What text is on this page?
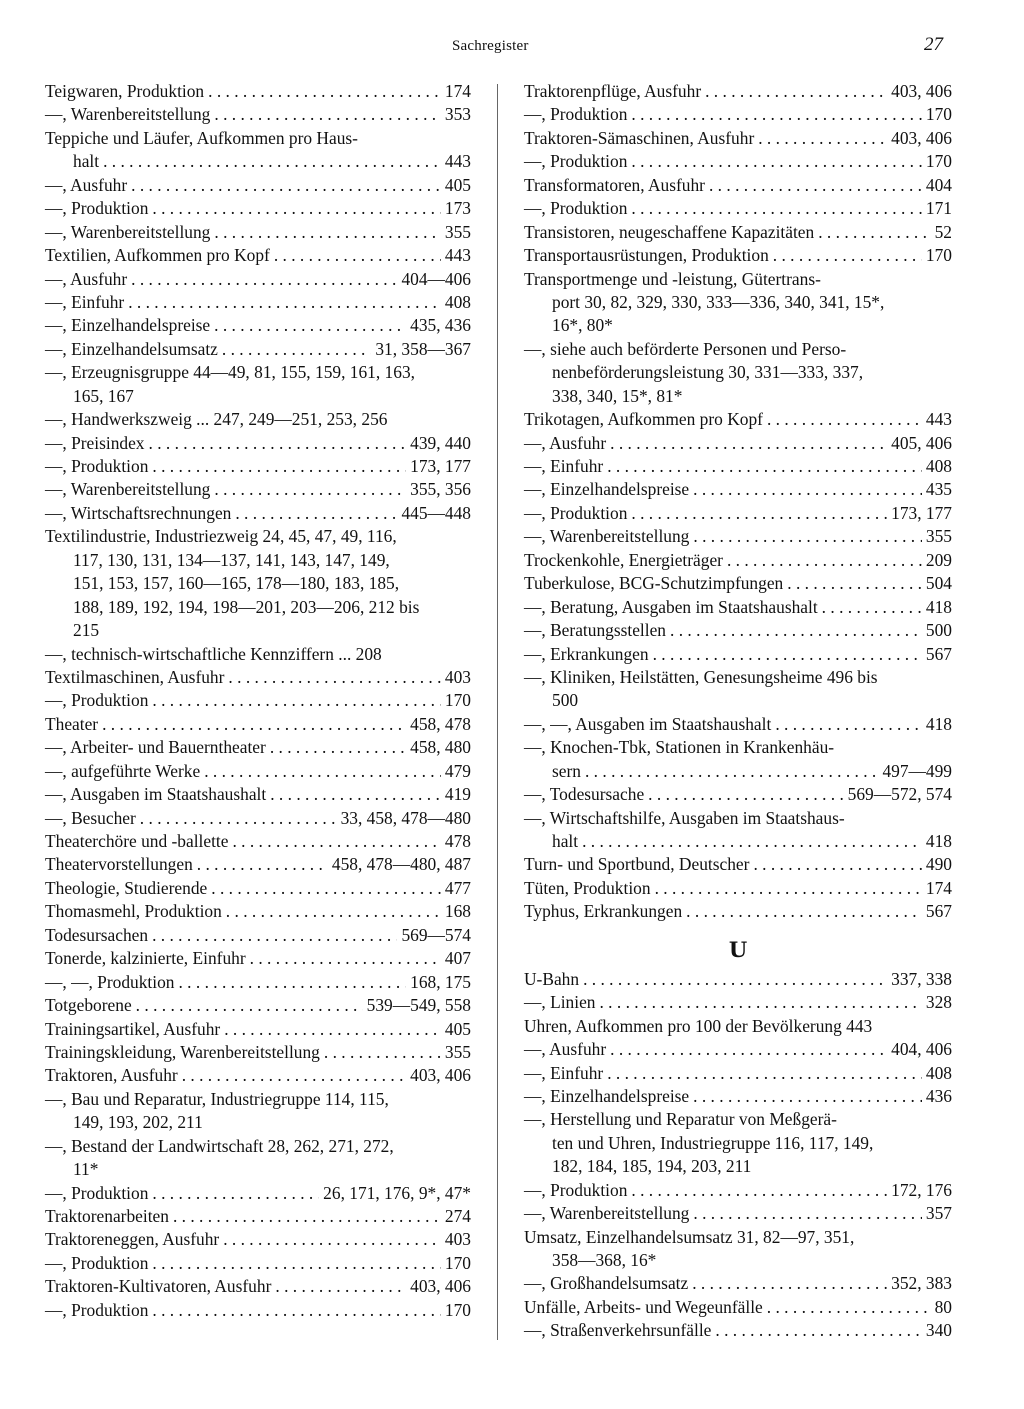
Sachregister	27
Teigwaren, Produktion . . .	174
—, Warenbereitstellung . . .	353
Teppiche und Läufer, Aufkommen pro Haus-
halt . . .	443
—, Ausfuhr . . .	405
—, Produktion . . .	173
—, Warenbereitstellung . . .	355
Textilien, Aufkommen pro Kopf . . .	443
—, Ausfuhr . . .	404—406
—, Einfuhr . . .	408
—, Einzelhandelspreise . . .	435, 436
—, Einzelhandelsumsatz . . .	31, 358—367
—, Erzeugnisgruppe 44—49, 81, 155, 159, 161, 163,
165, 167
—, Handwerkszweig ... 247, 249—251, 253, 256
—, Preisindex . . .	439, 440
—, Produktion . . .	173, 177
—, Warenbereitstellung . . .	355, 356
—, Wirtschaftsrechnungen . . .	445—448
Textilindustrie, Industriezweig 24, 45, 47, 49, 116,
117, 130, 131, 134—137, 141, 143, 147, 149,
151, 153, 157, 160—165, 178—180, 183, 185,
188, 189, 192, 194, 198—201, 203—206, 212 bis
215
—, technisch-wirtschaftliche Kennziffern ... 208
Textilmaschinen, Ausfuhr . . .	403
—, Produktion . . .	170
Theater . . .	458, 478
—, Arbeiter- und Bauerntheater . . .	458, 480
—, aufgeführte Werke . . .	479
—, Ausgaben im Staatshaushalt . . .	419
—, Besucher . . .	33, 458, 478—480
Theaterchöre und -ballette . . .	478
Theatervorstellungen . . .	458, 478—480, 487
Theologie, Studierende . . .	477
Thomasmehl, Produktion . . .	168
Todesursachen . . .	569—574
Tonerde, kalzinierte, Einfuhr . . .	407
—, —, Produktion . . .	168, 175
Totgeborene . . .	539—549, 558
Trainingsartikel, Ausfuhr . . .	405
Trainingskleidung, Warenbereitstellung . . .	355
Traktoren, Ausfuhr . . .	403, 406
—, Bau und Reparatur, Industriegruppe 114, 115,
149, 193, 202, 211
—, Bestand der Landwirtschaft 28, 262, 271, 272,
11*
—, Produktion . . .	26, 171, 176, 9*, 47*
Traktorenarbeiten . . .	274
Traktoreneggen, Ausfuhr . . .	403
—, Produktion . . .	170
Traktoren-Kultivatoren, Ausfuhr . . .	403, 406
—, Produktion . . .	170
Traktorenpflüge, Ausfuhr . . .	403, 406
—, Produktion . . .	170
Traktoren-Sämaschinen, Ausfuhr . . .	403, 406
—, Produktion . . .	170
Transformatoren, Ausfuhr . . .	404
—, Produktion . . .	171
Transistoren, neugeschaffene Kapazitäten . . .	52
Transportausrüstungen, Produktion . . .	170
Transportmenge und -leistung, Gütertrans-
port 30, 82, 329, 330, 333—336, 340, 341, 15*,
16*, 80*
—, siehe auch beförderte Personen und Perso-
nenbeförderungsleistung 30, 331—333, 337,
338, 340, 15*, 81*
Trikotagen, Aufkommen pro Kopf . . .	443
—, Ausfuhr . . .	405, 406
—, Einfuhr . . .	408
—, Einzelhandelspreise . . .	435
—, Produktion . . .	173, 177
—, Warenbereitstellung . . .	355
Trockenkohle, Energieträger . . .	209
Tuberkulose, BCG-Schutzimpfungen . . .	504
—, Beratung, Ausgaben im Staatshaushalt . . .	418
—, Beratungsstellen . . .	500
—, Erkrankungen . . .	567
—, Kliniken, Heilstätten, Genesungsheime 496 bis
500
—, —, Ausgaben im Staatshaushalt . . .	418
—, Knochen-Tbk, Stationen in Krankenhäu-
sern . . .	497—499
—, Todesursache . . .	569—572, 574
—, Wirtschaftshilfe, Ausgaben im Staatshaus-
halt . . .	418
Turn- und Sportbund, Deutscher . . .	490
Tüten, Produktion . . .	174
Typhus, Erkrankungen . . .	567
U
U-Bahn . . .	337, 338
—, Linien . . .	328
Uhren, Aufkommen pro 100 der Bevölkerung 443
—, Ausfuhr . . .	404, 406
—, Einfuhr . . .	408
—, Einzelhandelspreise . . .	436
—, Herstellung und Reparatur von Meßgerä-
ten und Uhren, Industriegruppe 116, 117, 149,
182, 184, 185, 194, 203, 211
—, Produktion . . .	172, 176
—, Warenbereitstellung . . .	357
Umsatz, Einzelhandelsumsatz 31, 82—97, 351,
358—368, 16*
—, Großhandelsumsatz . . .	352, 383
Unfälle, Arbeits- und Wegeunfälle . . .	80
—, Straßenverkehrsunfälle . . .	340
